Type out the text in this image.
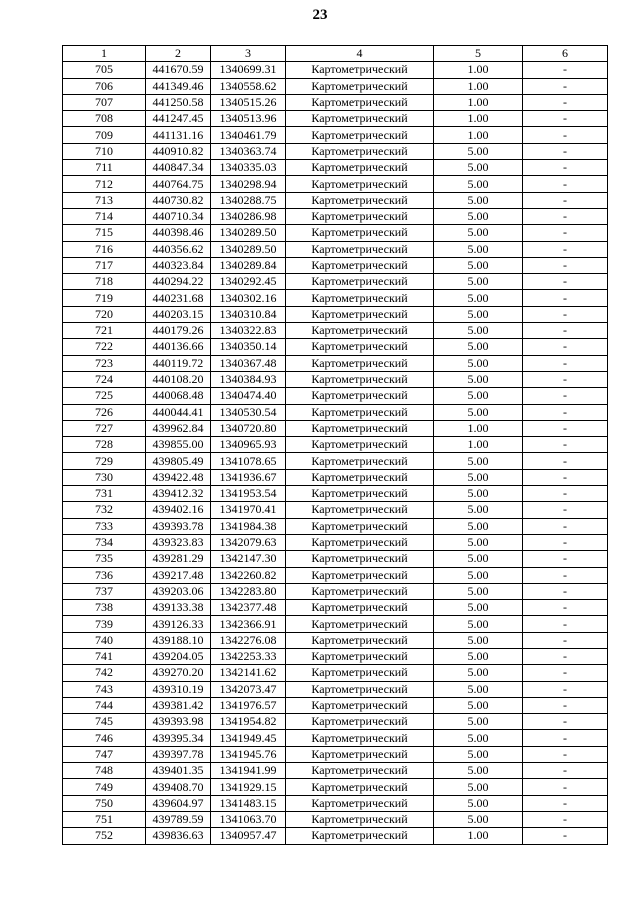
23
1	2	3	4	5	6
705	441670.59	1340699.31	Картометрический	1.00	-
706	441349.46	1340558.62	Картометрический	1.00	-
707	441250.58	1340515.26	Картометрический	1.00	-
708	441247.45	1340513.96	Картометрический	1.00	-
709	441131.16	1340461.79	Картометрический	1.00	-
710	440910.82	1340363.74	Картометрический	5.00	-
711	440847.34	1340335.03	Картометрический	5.00	-
712	440764.75	1340298.94	Картометрический	5.00	-
713	440730.82	1340288.75	Картометрический	5.00	-
714	440710.34	1340286.98	Картометрический	5.00	-
715	440398.46	1340289.50	Картометрический	5.00	-
716	440356.62	1340289.50	Картометрический	5.00	-
717	440323.84	1340289.84	Картометрический	5.00	-
718	440294.22	1340292.45	Картометрический	5.00	-
719	440231.68	1340302.16	Картометрический	5.00	-
720	440203.15	1340310.84	Картометрический	5.00	-
721	440179.26	1340322.83	Картометрический	5.00	-
722	440136.66	1340350.14	Картометрический	5.00	-
723	440119.72	1340367.48	Картометрический	5.00	-
724	440108.20	1340384.93	Картометрический	5.00	-
725	440068.48	1340474.40	Картометрический	5.00	-
726	440044.41	1340530.54	Картометрический	5.00	-
727	439962.84	1340720.80	Картометрический	1.00	-
728	439855.00	1340965.93	Картометрический	1.00	-
729	439805.49	1341078.65	Картометрический	5.00	-
730	439422.48	1341936.67	Картометрический	5.00	-
731	439412.32	1341953.54	Картометрический	5.00	-
732	439402.16	1341970.41	Картометрический	5.00	-
733	439393.78	1341984.38	Картометрический	5.00	-
734	439323.83	1342079.63	Картометрический	5.00	-
735	439281.29	1342147.30	Картометрический	5.00	-
736	439217.48	1342260.82	Картометрический	5.00	-
737	439203.06	1342283.80	Картометрический	5.00	-
738	439133.38	1342377.48	Картометрический	5.00	-
739	439126.33	1342366.91	Картометрический	5.00	-
740	439188.10	1342276.08	Картометрический	5.00	-
741	439204.05	1342253.33	Картометрический	5.00	-
742	439270.20	1342141.62	Картометрический	5.00	-
743	439310.19	1342073.47	Картометрический	5.00	-
744	439381.42	1341976.57	Картометрический	5.00	-
745	439393.98	1341954.82	Картометрический	5.00	-
746	439395.34	1341949.45	Картометрический	5.00	-
747	439397.78	1341945.76	Картометрический	5.00	-
748	439401.35	1341941.99	Картометрический	5.00	-
749	439408.70	1341929.15	Картометрический	5.00	-
750	439604.97	1341483.15	Картометрический	5.00	-
751	439789.59	1341063.70	Картометрический	5.00	-
752	439836.63	1340957.47	Картометрический	1.00	-
